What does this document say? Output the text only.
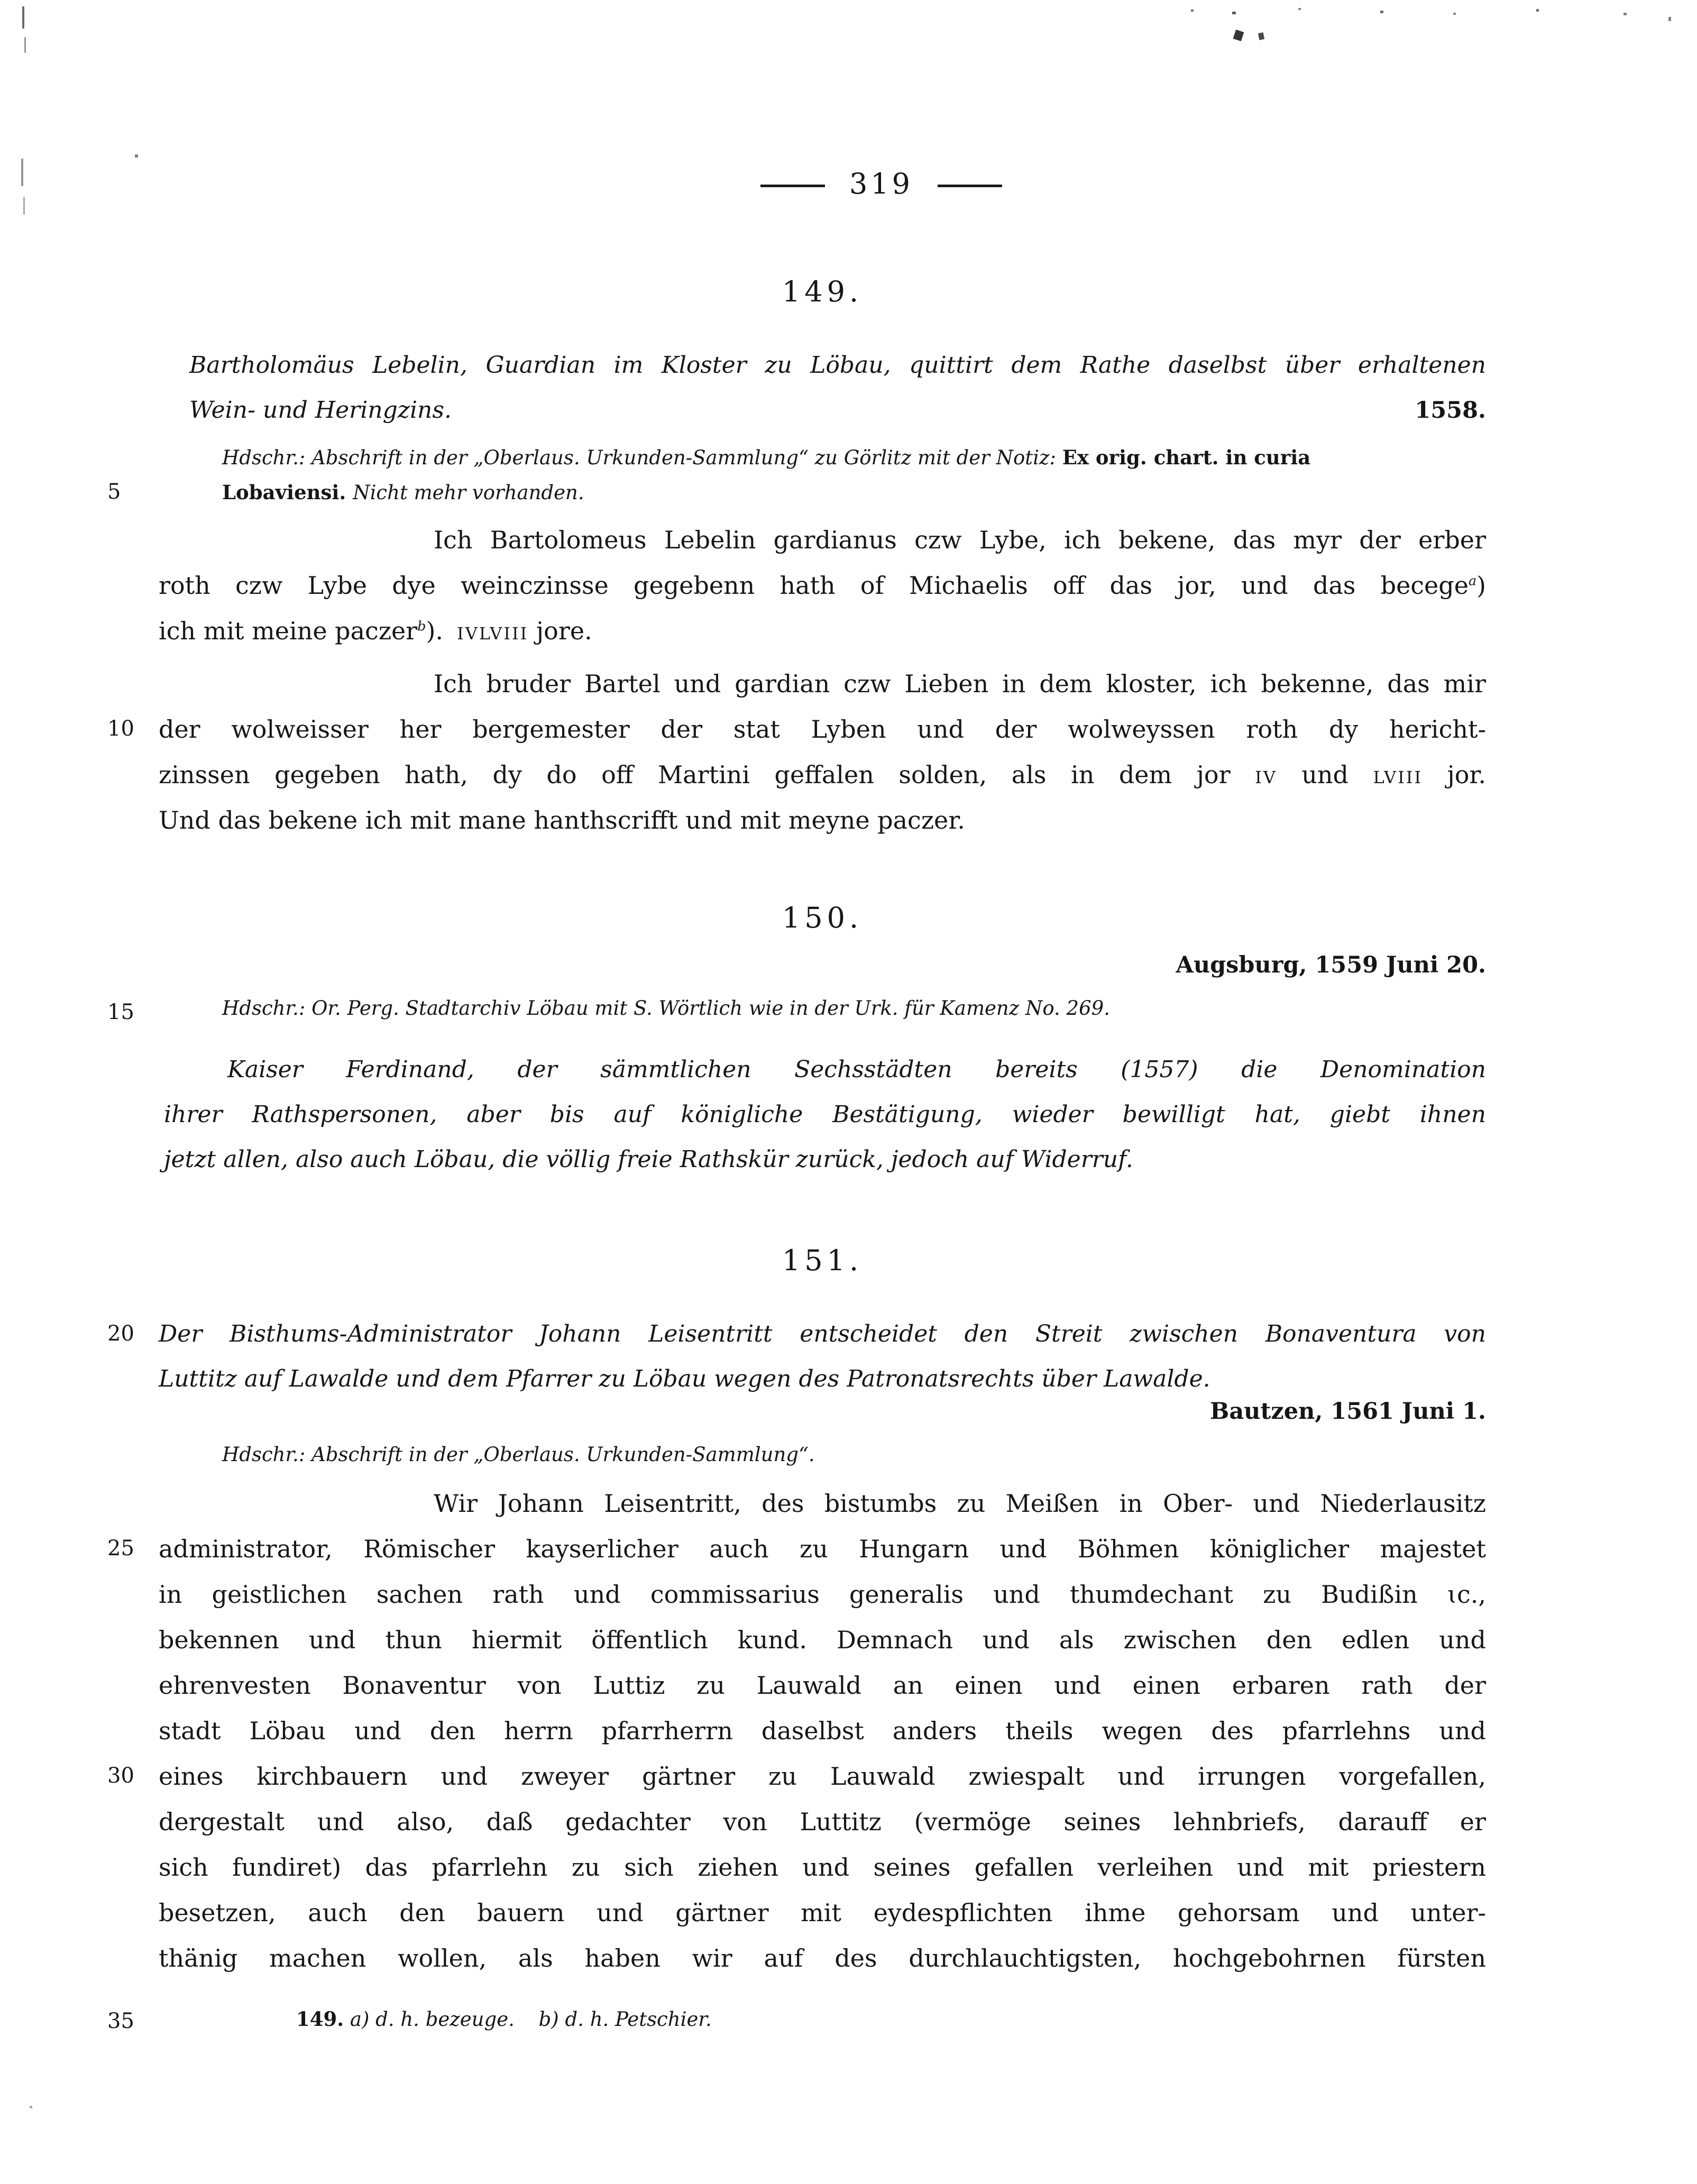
319
5
10
15
20
25
30
35
149.
Bartholomäus Lebelin, Guardian im Kloster zu Löbau, quittirt dem Rathe daselbst über erhaltenen
Wein- und Heringzins.	1558.
Hdschr.: Abschrift in der „Oberlaus. Urkunden-Sammlung“ zu Görlitz mit der Notiz: Ex orig. chart. in curia
Lobaviensi. Nicht mehr vorhanden.
Ich Bartolomeus Lebelin gardianus czw Lybe, ich bekene, das myr der erber
roth czw Lybe dye weinczinsse gegebenn hath of Michaelis off das jor, und das becege$^a$)
ich mit meine paczer$^b$). ivlviii jore.
Ich bruder Bartel und gardian czw Lieben in dem kloster, ich bekenne, das mir
der wolweisser her bergemester der stat Lyben und der wolweyssen roth dy hericht-
zinssen gegeben hath, dy do off Martini geffalen solden, als in dem jor iv und lviii jor.
Und das bekene ich mit mane hanthscrifft und mit meyne paczer.
150.
Augsburg, 1559 Juni 20.
Hdschr.: Or. Perg. Stadtarchiv Löbau mit S. Wörtlich wie in der Urk. für Kamenz No. 269.
Kaiser Ferdinand, der sämmtlichen Sechsstädten bereits (1557) die Denomination
ihrer Rathspersonen, aber bis auf königliche Bestätigung, wieder bewilligt hat, giebt ihnen
jetzt allen, also auch Löbau, die völlig freie Rathskür zurück, jedoch auf Widerruf.
151.
Der Bisthums-Administrator Johann Leisentritt entscheidet den Streit zwischen Bonaventura von
Luttitz auf Lawalde und dem Pfarrer zu Löbau wegen des Patronatsrechts über Lawalde.
Bautzen, 1561 Juni 1.
Hdschr.: Abschrift in der „Oberlaus. Urkunden-Sammlung“.
Wir Johann Leisentritt, des bistumbs zu Meißen in Ober- und Niederlausitz
administrator, Römischer kayserlicher auch zu Hungarn und Böhmen königlicher majestet
in geistlichen sachen rath und commissarius generalis und thumdechant zu Budißin ɩc.,
bekennen und thun hiermit öffentlich kund. Demnach und als zwischen den edlen und
ehrenvesten Bonaventur von Luttiz zu Lauwald an einen und einen erbaren rath der
stadt Löbau und den herrn pfarrherrn daselbst anders theils wegen des pfarrlehns und
eines kirchbauern und zweyer gärtner zu Lauwald zwiespalt und irrungen vorgefallen,
dergestalt und also, daß gedachter von Luttitz (vermöge seines lehnbriefs, darauff er
sich fundiret) das pfarrlehn zu sich ziehen und seines gefallen verleihen und mit priestern
besetzen, auch den bauern und gärtner mit eydespflichten ihme gehorsam und unter-
thänig machen wollen, als haben wir auf des durchlauchtigsten, hochgebohrnen fürsten
149. a) d. h. bezeuge. b) d. h. Petschier.
